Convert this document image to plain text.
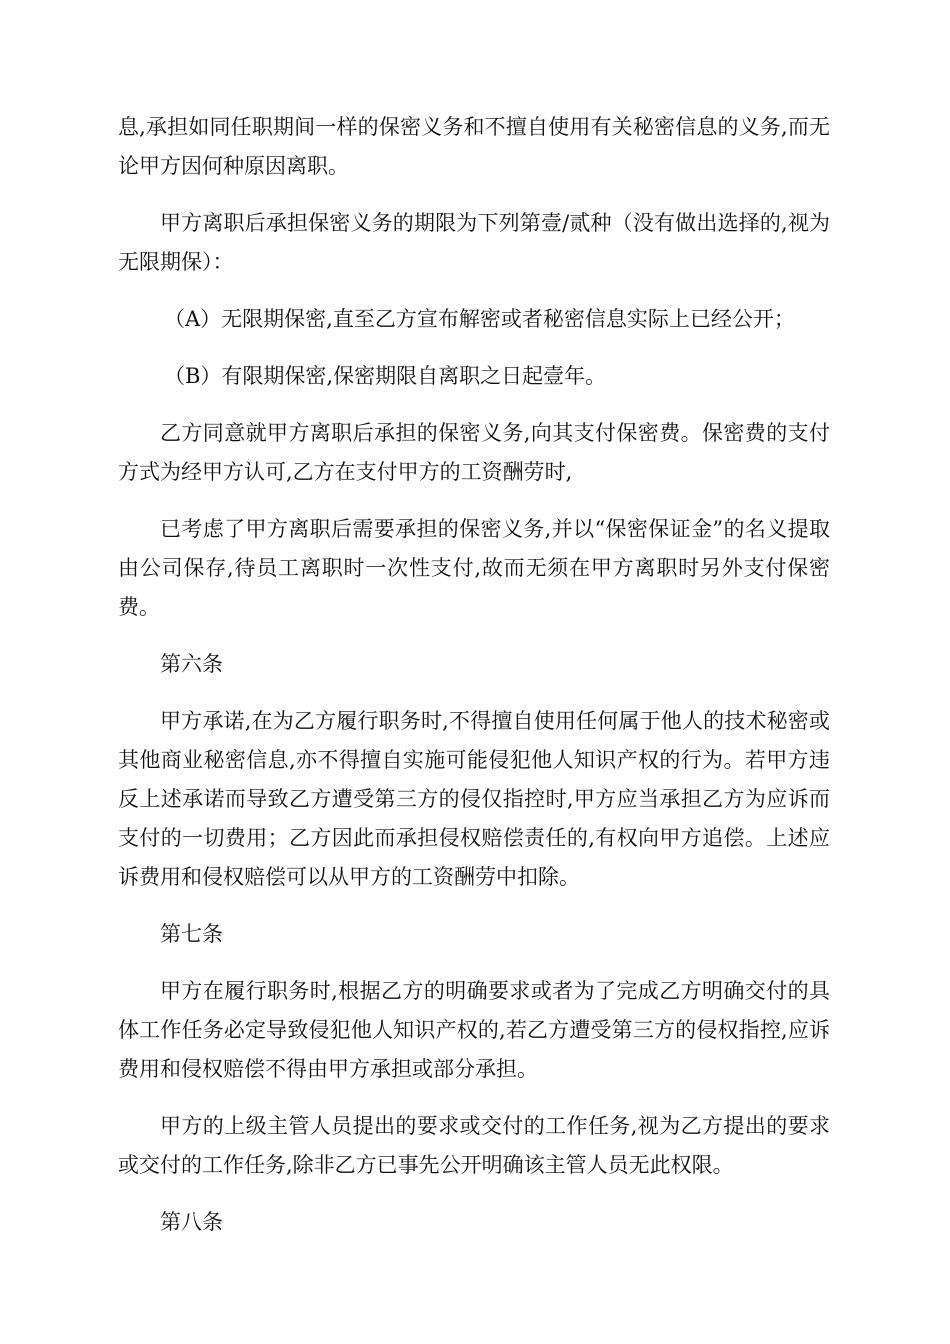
息,承担如同任职期间一样的保密义务和不擅自使用有关秘密信息的义务,而无论甲方因何种原因离职。

甲方离职后承担保密义务的期限为下列第壹/贰种（没有做出选择的,视为无限期保）：

（A）无限期保密,直至乙方宣布解密或者秘密信息实际上已经公开；

（B）有限期保密,保密期限自离职之日起壹年。

乙方同意就甲方离职后承担的保密义务,向其支付保密费。保密费的支付方式为经甲方认可,乙方在支付甲方的工资酬劳时,

已考虑了甲方离职后需要承担的保密义务,并以“保密保证金”的名义提取由公司保存,待员工离职时一次性支付,故而无须在甲方离职时另外支付保密费。

第六条

甲方承诺,在为乙方履行职务时,不得擅自使用任何属于他人的技术秘密或其他商业秘密信息,亦不得擅自实施可能侵犯他人知识产权的行为。若甲方违反上述承诺而导致乙方遭受第三方的侵仅指控时,甲方应当承担乙方为应诉而支付的一切费用；乙方因此而承担侵权赔偿责任的,有权向甲方追偿。上述应诉费用和侵权赔偿可以从甲方的工资酬劳中扣除。

第七条

甲方在履行职务时,根据乙方的明确要求或者为了完成乙方明确交付的具体工作任务必定导致侵犯他人知识产权的,若乙方遭受第三方的侵权指控,应诉费用和侵权赔偿不得由甲方承担或部分承担。

甲方的上级主管人员提出的要求或交付的工作任务,视为乙方提出的要求或交付的工作任务,除非乙方已事先公开明确该主管人员无此权限。

第八条
